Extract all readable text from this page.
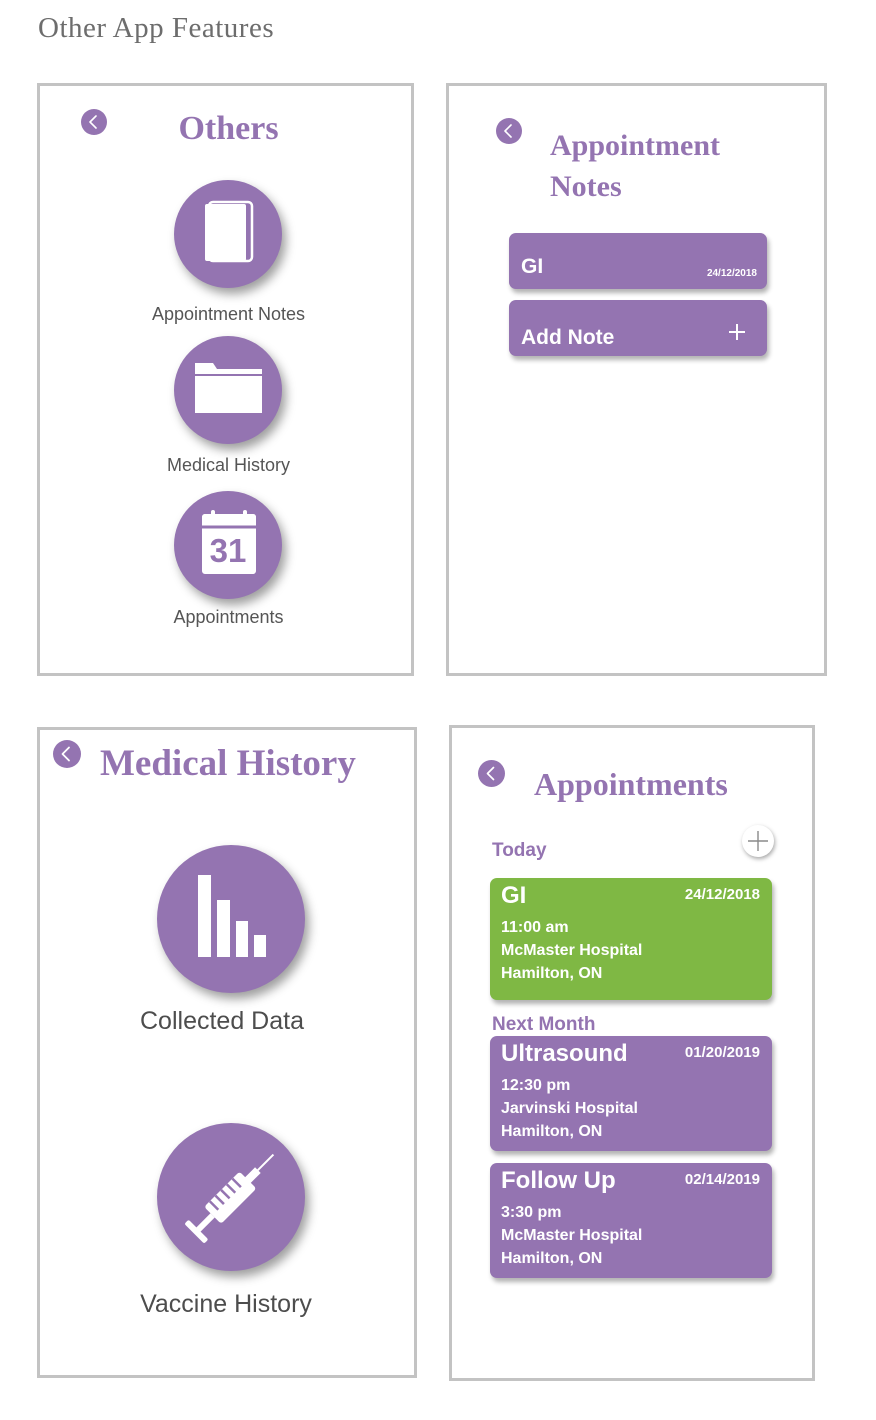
Other App Features
Others
Appointment Notes
Medical History
31
Appointments
Appointment
Notes
GI	24/12/2018
Add Note
Medical History
Collected Data
Vaccine History
Appointments
Today
GI	24/12/2018
11:00 am
McMaster Hospital
Hamilton, ON
Next Month
Ultrasound	01/20/2019
12:30 pm
Jarvinski Hospital
Hamilton, ON
Follow Up	02/14/2019
3:30 pm
McMaster Hospital
Hamilton, ON
